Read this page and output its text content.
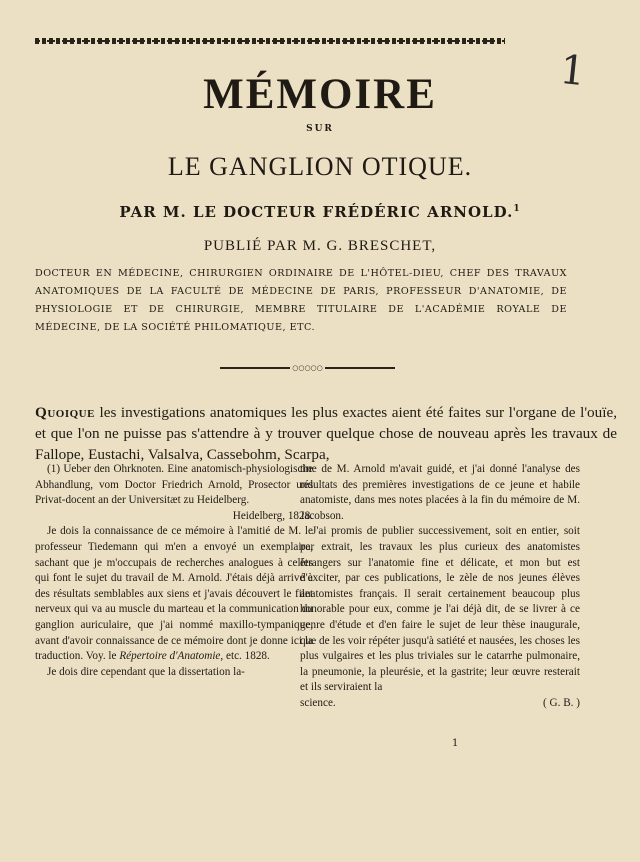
1
MÉMOIRE
SUR
LE GANGLION OTIQUE.
PAR M. LE DOCTEUR FRÉDÉRIC ARNOLD.$^1$
PUBLIÉ PAR M. G. BRESCHET,
DOCTEUR EN MÉDECINE, CHIRURGIEN ORDINAIRE DE L'HÔTEL-DIEU, CHEF DES TRAVAUX ANATOMIQUES DE LA FACULTÉ DE MÉDECINE DE PARIS, PROFESSEUR D'ANATOMIE, DE PHYSIOLOGIE ET DE CHIRURGIE, MEMBRE TITULAIRE DE L'ACADÉMIE ROYALE DE MÉDECINE, DE LA SOCIÉTÉ PHILOMATIQUE, ETC.
○○○○○
Quoique les investigations anatomiques les plus exactes aient été faites sur l'organe de l'ouïe, et que l'on ne puisse pas s'attendre à y trouver quelque chose de nouveau après les travaux de Fallope, Eustachi, Valsalva, Cassebohm, Scarpa,

(1) Ueber den Ohrknoten. Eine anatomisch-physiologische Abhandlung, vom Doctor Friedrich Arnold, Prosector und Privat-docent an der Universitæt zu Heidelberg.

Heidelberg, 1828.

Je dois la connaissance de ce mémoire à l'amitié de M. le professeur Tiedemann qui m'en a envoyé un exemplaire, sachant que je m'occupais de recherches analogues à celles qui font le sujet du travail de M. Arnold. J'étais déjà arrivé à des résultats semblables aux siens et j'avais découvert le filet nerveux qui va au muscle du marteau et la communication du ganglion auriculaire, que j'ai nommé maxillo-tympanique, avant d'avoir connaissance de ce mémoire dont je donne ici la traduction. Voy. le Répertoire d'Anatomie, etc. 1828.

Je dois dire cependant que la dissertation la-

tine de M. Arnold m'avait guidé, et j'ai donné l'analyse des résultats des premières investigations de ce jeune et habile anatomiste, dans mes notes placées à la fin du mémoire de M. Jacobson.

J'ai promis de publier successivement, soit en entier, soit par extrait, les travaux les plus curieux des anatomistes étrangers sur l'anatomie fine et délicate, et mon but est d'exciter, par ces publications, le zèle de nos jeunes élèves anatomistes français. Il serait certainement beaucoup plus honorable pour eux, comme je l'ai déjà dit, de se livrer à ce genre d'étude et d'en faire le sujet de leur thèse inaugurale, que de les voir répéter jusqu'à satiété et nausées, les choses les plus vulgaires et les plus triviales sur le catarrhe pulmonaire, la pneumonie, la pleurésie, et la gastrite; leur œuvre resterait et ils serviraient la

science.	( G. B. )
1
